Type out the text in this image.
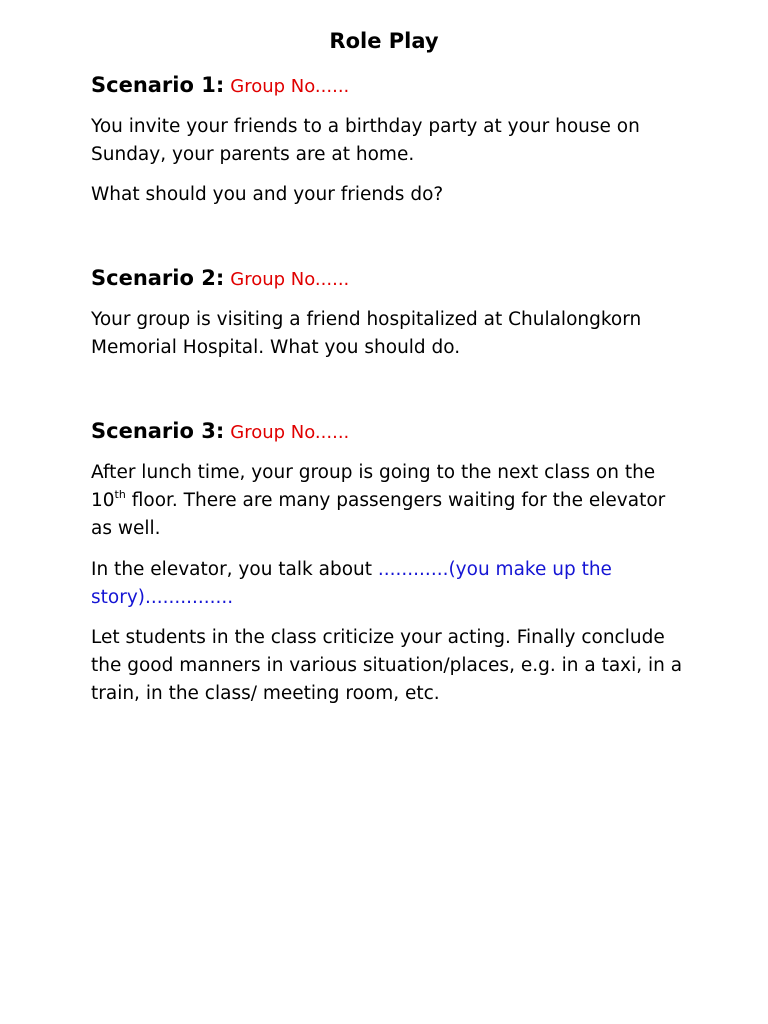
Role Play
Scenario 1: Group No......
You invite your friends to a birthday party at your house on Sunday, your parents are at home.
What should you and your friends do?
Scenario 2: Group No......
Your group is visiting a friend hospitalized at Chulalongkorn Memorial Hospital. What you should do.
Scenario 3: Group No......
After lunch time, your group is going to the next class on the 10th floor. There are many passengers waiting for the elevator as well.
In the elevator, you talk about ............(you make up the story)...............
Let students in the class criticize your acting. Finally conclude the good manners in various situation/places, e.g. in a taxi, in a train, in the class/ meeting room, etc.
